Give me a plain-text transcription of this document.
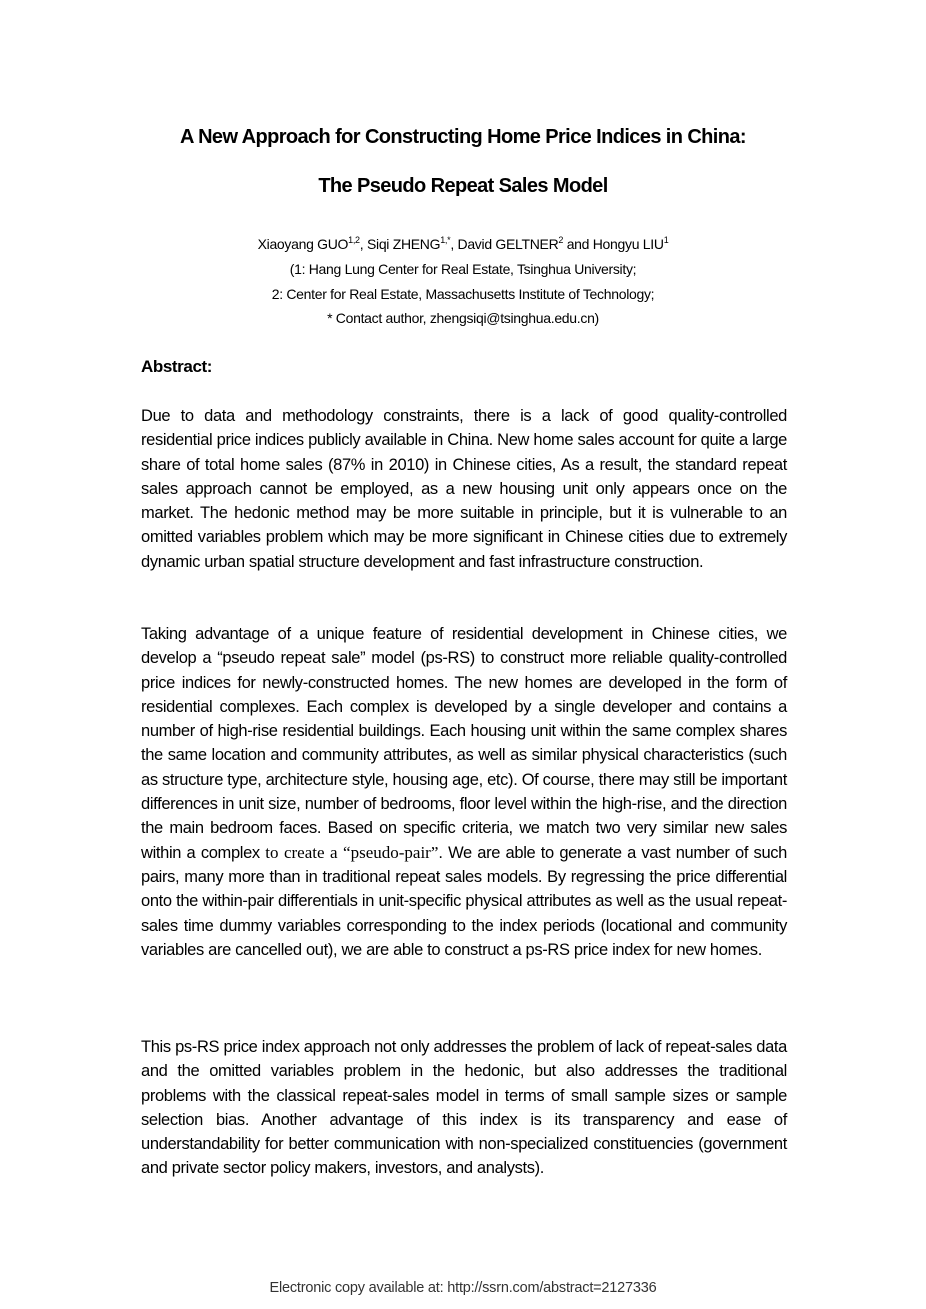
A New Approach for Constructing Home Price Indices in China:
The Pseudo Repeat Sales Model
Xiaoyang GUO$^{1,2}$, Siqi $ZHENG^{1,*}$, David GELTNER$^2$ and Hongyu LIU$^1$
(1: Hang Lung Center for Real Estate, Tsinghua University;
2: Center for Real Estate, Massachusetts Institute of Technology;
* Contact author, zhengsiqi@tsinghua.edu.cn)
Abstract:

Due to data and methodology constraints, there is a lack of good quality-controlled residential price indices publicly available in China. New home sales account for quite a large share of total home sales (87% in 2010) in Chinese cities, As a result, the standard repeat sales approach cannot be employed, as a new housing unit only appears once on the market. The hedonic method may be more suitable in principle, but it is vulnerable to an omitted variables problem which may be more significant in Chinese cities due to extremely dynamic urban spatial structure development and fast infrastructure construction.

Taking advantage of a unique feature of residential development in Chinese cities, we develop a “pseudo repeat sale” model (ps-RS) to construct more reliable quality-controlled price indices for newly-constructed homes. The new homes are developed in the form of residential complexes. Each complex is developed by a single developer and contains a number of high-rise residential buildings. Each housing unit within the same complex shares the same location and community attributes, as well as similar physical characteristics (such as structure type, architecture style, housing age, etc). Of course, there may still be important differences in unit size, number of bedrooms, floor level within the high-rise, and the direction the main bedroom faces. Based on specific criteria, we match two very similar new sales within a complex to create a “pseudo-pair”. We are able to generate a vast number of such pairs, many more than in traditional repeat sales models. By regressing the price differential onto the within-pair differentials in unit-specific physical attributes as well as the usual repeat-sales time dummy variables corresponding to the index periods (locational and community variables are cancelled out), we are able to construct a ps-RS price index for new homes.

This ps-RS price index approach not only addresses the problem of lack of repeat-sales data and the omitted variables problem in the hedonic, but also addresses the traditional problems with the classical repeat-sales model in terms of small sample sizes or sample selection bias. Another advantage of this index is its transparency and ease of understandability for better communication with non-specialized constituencies (government and private sector policy makers, investors, and analysts).

Electronic copy available at: http://ssrn.com/abstract=2127336
